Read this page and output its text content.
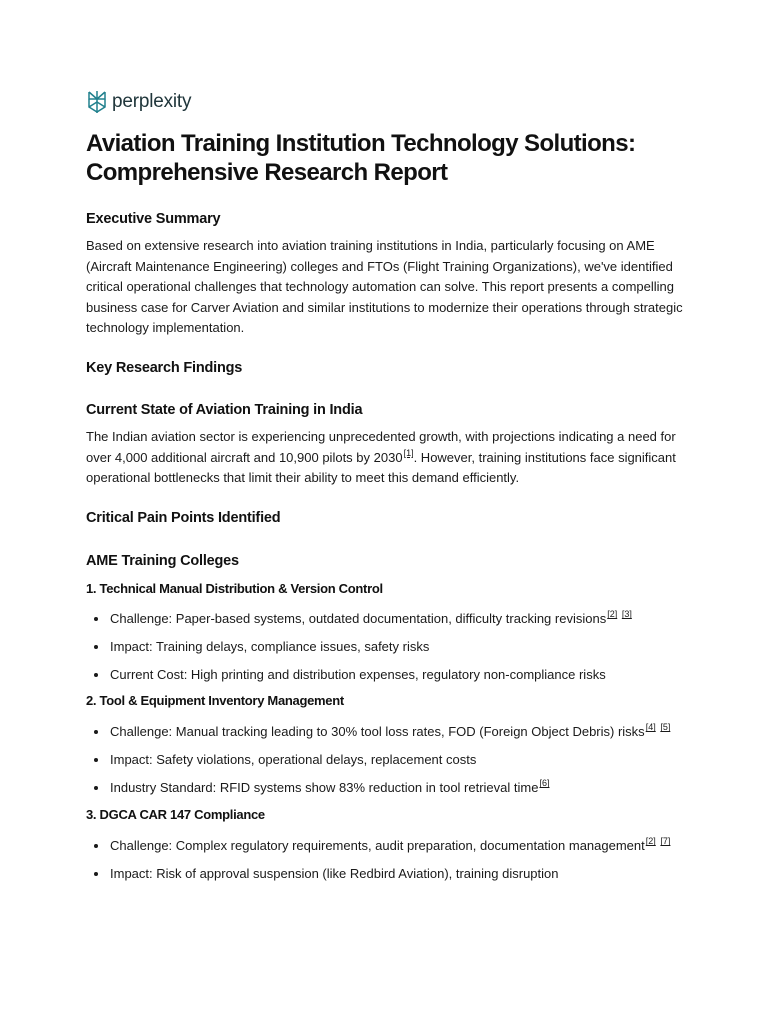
perplexity
Aviation Training Institution Technology Solutions: Comprehensive Research Report
Executive Summary

Based on extensive research into aviation training institutions in India, particularly focusing on AME (Aircraft Maintenance Engineering) colleges and FTOs (Flight Training Organizations), we've identified critical operational challenges that technology automation can solve. This report presents a compelling business case for Carver Aviation and similar institutions to modernize their operations through strategic technology implementation.

Key Research Findings
Current State of Aviation Training in India

The Indian aviation sector is experiencing unprecedented growth, with projections indicating a need for over 4,000 additional aircraft and 10,900 pilots by 2030[1]. However, training institutions face significant operational bottlenecks that limit their ability to meet this demand efficiently.

Critical Pain Points Identified
AME Training Colleges
1. Technical Manual Distribution & Version Control
Challenge: Paper-based systems, outdated documentation, difficulty tracking revisions[2] [3]
Impact: Training delays, compliance issues, safety risks
Current Cost: High printing and distribution expenses, regulatory non-compliance risks
2. Tool & Equipment Inventory Management
Challenge: Manual tracking leading to 30% tool loss rates, FOD (Foreign Object Debris) risks[4] [5]
Impact: Safety violations, operational delays, replacement costs
Industry Standard: RFID systems show 83% reduction in tool retrieval time[6]
3. DGCA CAR 147 Compliance
Challenge: Complex regulatory requirements, audit preparation, documentation management[2] [7]
Impact: Risk of approval suspension (like Redbird Aviation), training disruption
